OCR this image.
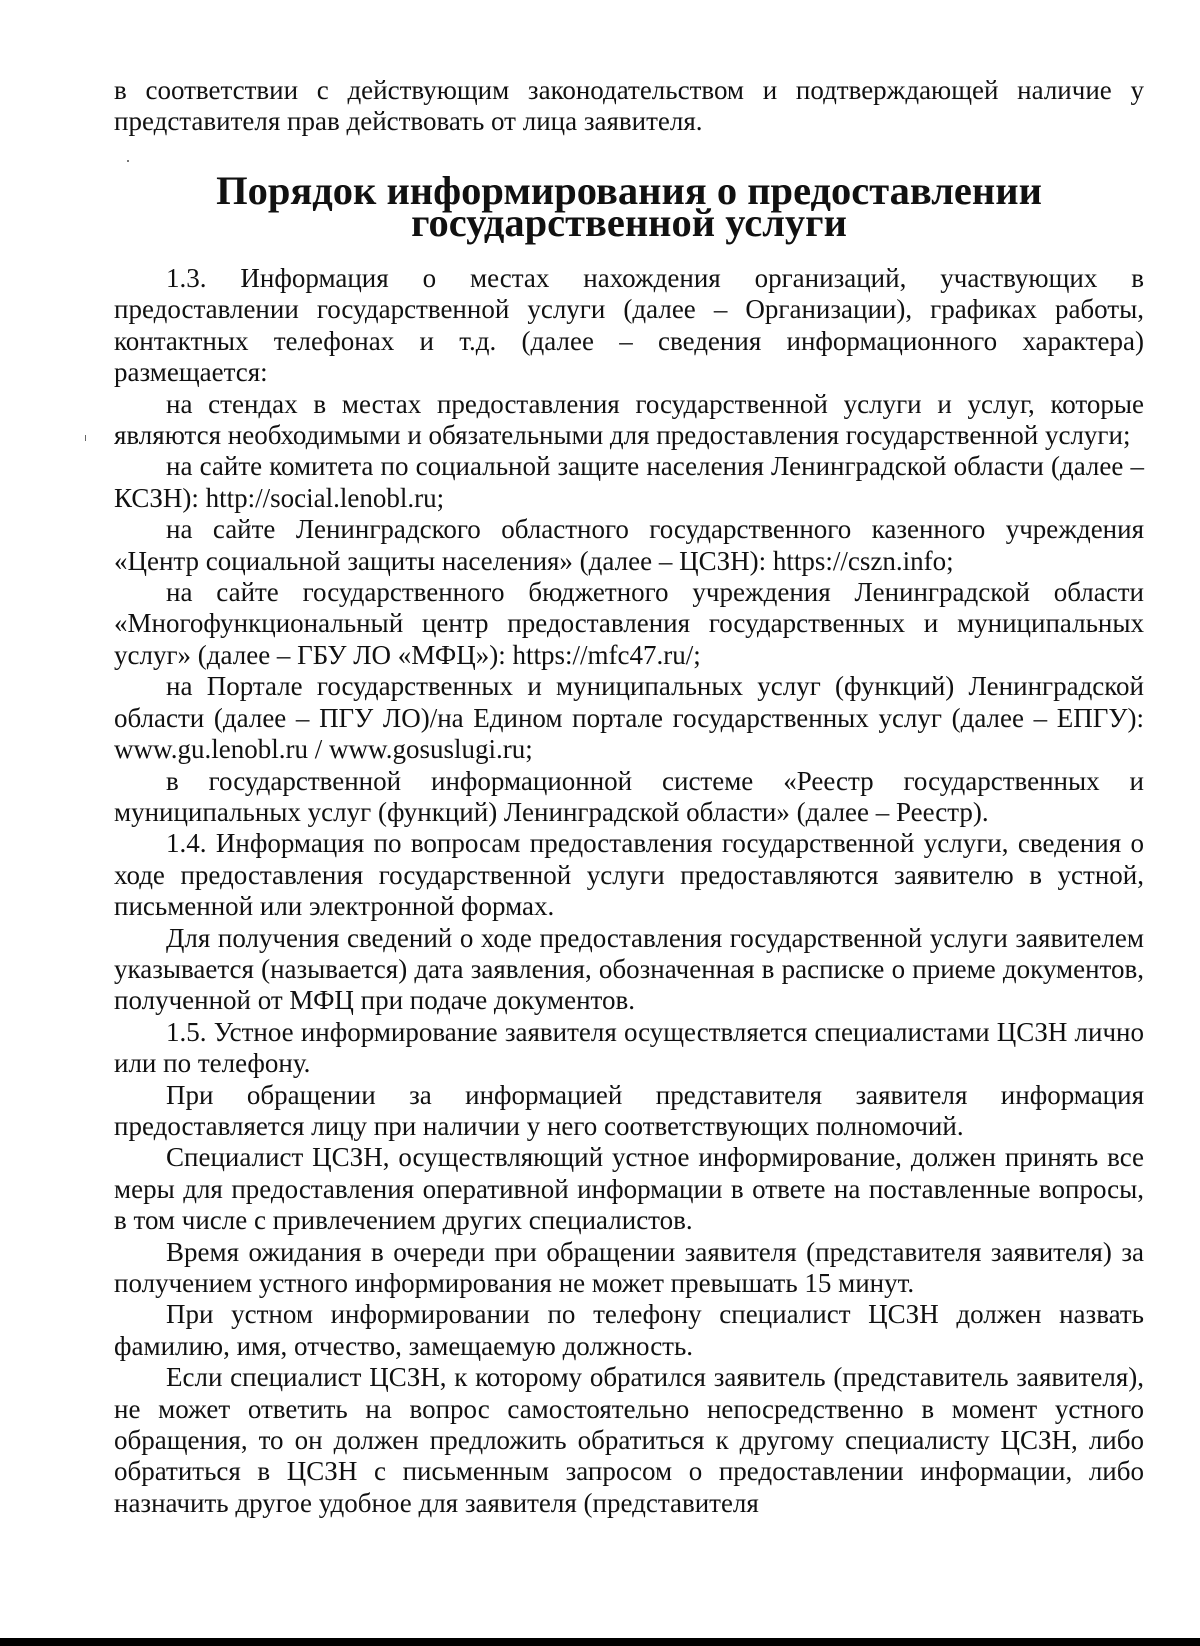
в соответствии с действующим законодательством и подтверждающей наличие у представителя прав действовать от лица заявителя.

Порядок информирования о предоставлении
государственной услуги

1.3. Информация о местах нахождения организаций, участвующих в предоставлении государственной услуги (далее – Организации), графиках работы, контактных телефонах и т.д. (далее – сведения информационного характера) размещается:

на стендах в местах предоставления государственной услуги и услуг, которые являются необходимыми и обязательными для предоставления государственной услуги;

на сайте комитета по социальной защите населения Ленинградской области (далее – КСЗН): http://social.lenobl.ru;

на сайте Ленинградского областного государственного казенного учреждения «Центр социальной защиты населения» (далее – ЦСЗН): https://cszn.info;

на сайте государственного бюджетного учреждения Ленинградской области «Многофункциональный центр предоставления государственных и муниципальных услуг» (далее – ГБУ ЛО «МФЦ»): https://mfc47.ru/;

на Портале государственных и муниципальных услуг (функций) Ленинградской области (далее – ПГУ ЛО)/на Едином портале государственных услуг (далее – ЕПГУ): www.gu.lenobl.ru / www.gosuslugi.ru;

в государственной информационной системе «Реестр государственных и муниципальных услуг (функций) Ленинградской области» (далее – Реестр).

1.4. Информация по вопросам предоставления государственной услуги, сведения о ходе предоставления государственной услуги предоставляются заявителю в устной, письменной или электронной формах.

Для получения сведений о ходе предоставления государственной услуги заявителем указывается (называется) дата заявления, обозначенная в расписке о приеме документов, полученной от МФЦ при подаче документов.

1.5. Устное информирование заявителя осуществляется специалистами ЦСЗН лично или по телефону.

При обращении за информацией представителя заявителя информация предоставляется лицу при наличии у него соответствующих полномочий.

Специалист ЦСЗН, осуществляющий устное информирование, должен принять все меры для предоставления оперативной информации в ответе на поставленные вопросы, в том числе с привлечением других специалистов.

Время ожидания в очереди при обращении заявителя (представителя заявителя) за получением устного информирования не может превышать 15 минут.

При устном информировании по телефону специалист ЦСЗН должен назвать фамилию, имя, отчество, замещаемую должность.

Если специалист ЦСЗН, к которому обратился заявитель (представитель заявителя), не может ответить на вопрос самостоятельно непосредственно в момент устного обращения, то он должен предложить обратиться к другому специалисту ЦСЗН, либо обратиться в ЦСЗН с письменным запросом о предоставлении информации, либо назначить другое удобное для заявителя (представителя
